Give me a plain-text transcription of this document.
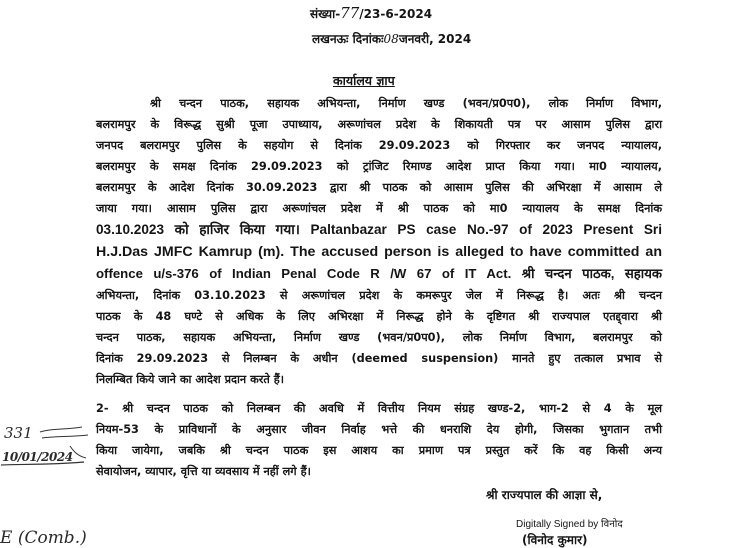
संख्या-77/23-6-2024
लखनऊः दिनांकः08जनवरी, 2024
कार्यालय ज्ञाप
श्री चन्दन पाठक, सहायक अभियन्ता, निर्माण खण्ड (भवन/प्र0प0), लोक निर्माण विभाग,
बलरामपुर के विरूद्ध सुश्री पूजा उपाध्याय, अरूणांचल प्रदेश के शिकायती पत्र पर आसाम पुलिस द्वारा
जनपद बलरामपुर पुलिस के सहयोग से दिनांक 29.09.2023 को गिरफ्तार कर जनपद न्यायालय,
बलरामपुर के समक्ष दिनांक 29.09.2023 को ट्रांजिट रिमाण्ड आदेश प्राप्त किया गया। मा0 न्यायालय,
बलरामपुर के आदेश दिनांक 30.09.2023 द्वारा श्री पाठक को आसाम पुलिस की अभिरक्षा में आसाम ले
जाया गया। आसाम पुलिस द्वारा अरूणांचल प्रदेश में श्री पाठक को मा0 न्यायालय के समक्ष दिनांक
03.10.2023 को हाजिर किया गया। Paltanbazar PS case No.-97 of 2023 Present Sri
H.J.Das JMFC Kamrup (m). The accused person is alleged to have committed an
offence u/s-376 of Indian Penal Code R /W 67 of IT Act. श्री चन्दन पाठक, सहायक
अभियन्ता, दिनांक 03.10.2023 से अरूणांचल प्रदेश के कमरूपुर जेल में निरूद्ध है। अतः श्री चन्दन
पाठक के 48 घण्टे से अधिक के लिए अभिरक्षा में निरूद्ध होने के दृष्टिगत श्री राज्यपाल एतद्द्वारा श्री
चन्दन पाठक, सहायक अभियन्ता, निर्माण खण्ड (भवन/प्र0प0), लोक निर्माण विभाग, बलरामपुर को
दिनांक 29.09.2023 से निलम्बन के अधीन (deemed suspension) मानते हुए तत्काल प्रभाव से
निलम्बित किये जाने का आदेश प्रदान करते हैं।
2- श्री चन्दन पाठक को निलम्बन की अवधि में वित्तीय नियम संग्रह खण्ड-2, भाग-2 से 4 के मूल
नियम-53 के प्राविधानों के अनुसार जीवन निर्वाह भत्ते की धनराशि देय होगी, जिसका भुगतान तभी
किया जायेगा, जबकि श्री चन्दन पाठक इस आशय का प्रमाण पत्र प्रस्तुत करें कि वह किसी अन्य
सेवायोजन, व्यापार, वृत्ति या व्यवसाय में नहीं लगे हैं।
श्री राज्यपाल की आज्ञा से,
Digitally Signed by विनोद
(विनोद कुमार)
331
10/01/2024
E (Comb.)
